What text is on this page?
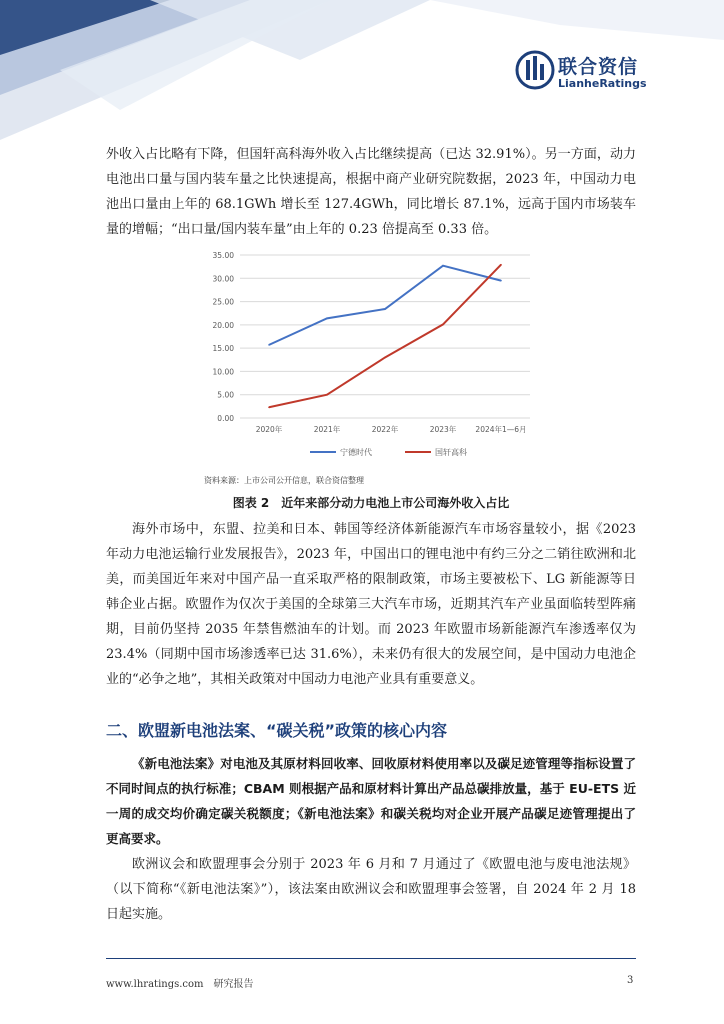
联合资信
LianheRatings

外收入占比略有下降，但国轩高科海外收入占比继续提高（已达 32.91%）。另一方面，动力电池出口量与国内装车量之比快速提高，根据中商产业研究院数据，2023 年，中国动力电池出口量由上年的 68.1GWh 增长至 127.4GWh，同比增长 87.1%，远高于国内市场装车量的增幅；“出口量/国内装车量”由上年的 0.23 倍提高至 0.33 倍。

0.00
5.00
10.00
15.00
20.00
25.00
30.00
35.00
2020年	2021年	2022年	2023年	2024年1—6月
宁德时代	国轩高科
资料来源：上市公司公开信息，联合资信整理
图表 2　近年来部分动力电池上市公司海外收入占比

海外市场中，东盟、拉美和日本、韩国等经济体新能源汽车市场容量较小，据《2023 年动力电池运输行业发展报告》，2023 年，中国出口的锂电池中有约三分之二销往欧洲和北美，而美国近年来对中国产品一直采取严格的限制政策，市场主要被松下、LG 新能源等日韩企业占据。欧盟作为仅次于美国的全球第三大汽车市场，近期其汽车产业虽面临转型阵痛期，目前仍坚持 2035 年禁售燃油车的计划。而 2023 年欧盟市场新能源汽车渗透率仅为 23.4%（同期中国市场渗透率已达 31.6%），未来仍有很大的发展空间，是中国动力电池企业的“必争之地”，其相关政策对中国动力电池产业具有重要意义。

二、欧盟新电池法案、“碳关税”政策的核心内容

《新电池法案》对电池及其原材料回收率、回收原材料使用率以及碳足迹管理等指标设置了不同时间点的执行标准；CBAM 则根据产品和原材料计算出产品总碳排放量，基于 EU-ETS 近一周的成交均价确定碳关税额度；《新电池法案》和碳关税均对企业开展产品碳足迹管理提出了更高要求。

欧洲议会和欧盟理事会分别于 2023 年 6 月和 7 月通过了《欧盟电池与废电池法规》（以下简称“《新电池法案》”），该法案由欧洲议会和欧盟理事会签署，自 2024 年 2 月 18 日起实施。

www.lhratings.com　研究报告	3
